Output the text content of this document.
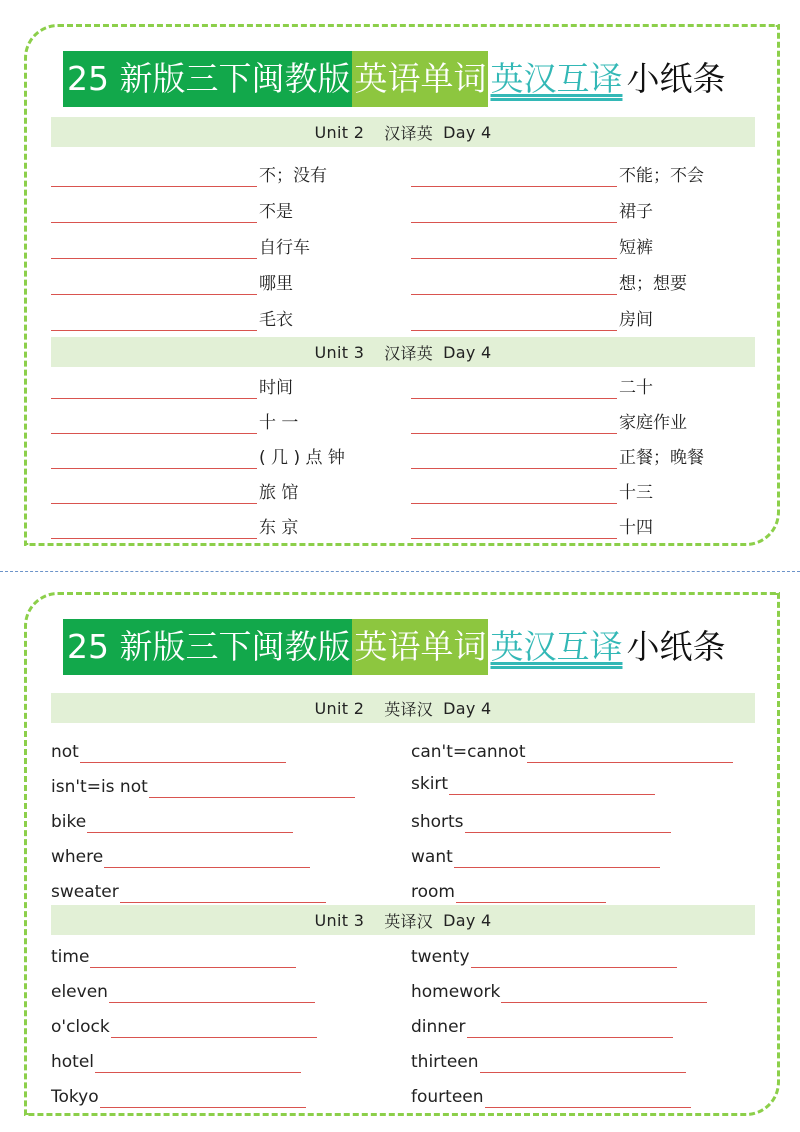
25 新版三下闽教版 英语单词 英汉互译 小纸条
Unit 2 汉译英 Day 4
不；没有
不是
自行车
哪里
毛衣
不能；不会
裙子
短裤
想；想要
房间
Unit 3 汉译英 Day 4
时间
十 一
( 几 ) 点 钟
旅 馆
东 京
二十
家庭作业
正餐；晚餐
十三
十四
25 新版三下闽教版 英语单词 英汉互译 小纸条
Unit 2 英译汉 Day 4
not
isn't=is not
bike
where
sweater
can't=cannot
skirt
shorts
want
room
Unit 3 英译汉 Day 4
time
eleven
o'clock
hotel
Tokyo
twenty
homework
dinner
thirteen
fourteen
